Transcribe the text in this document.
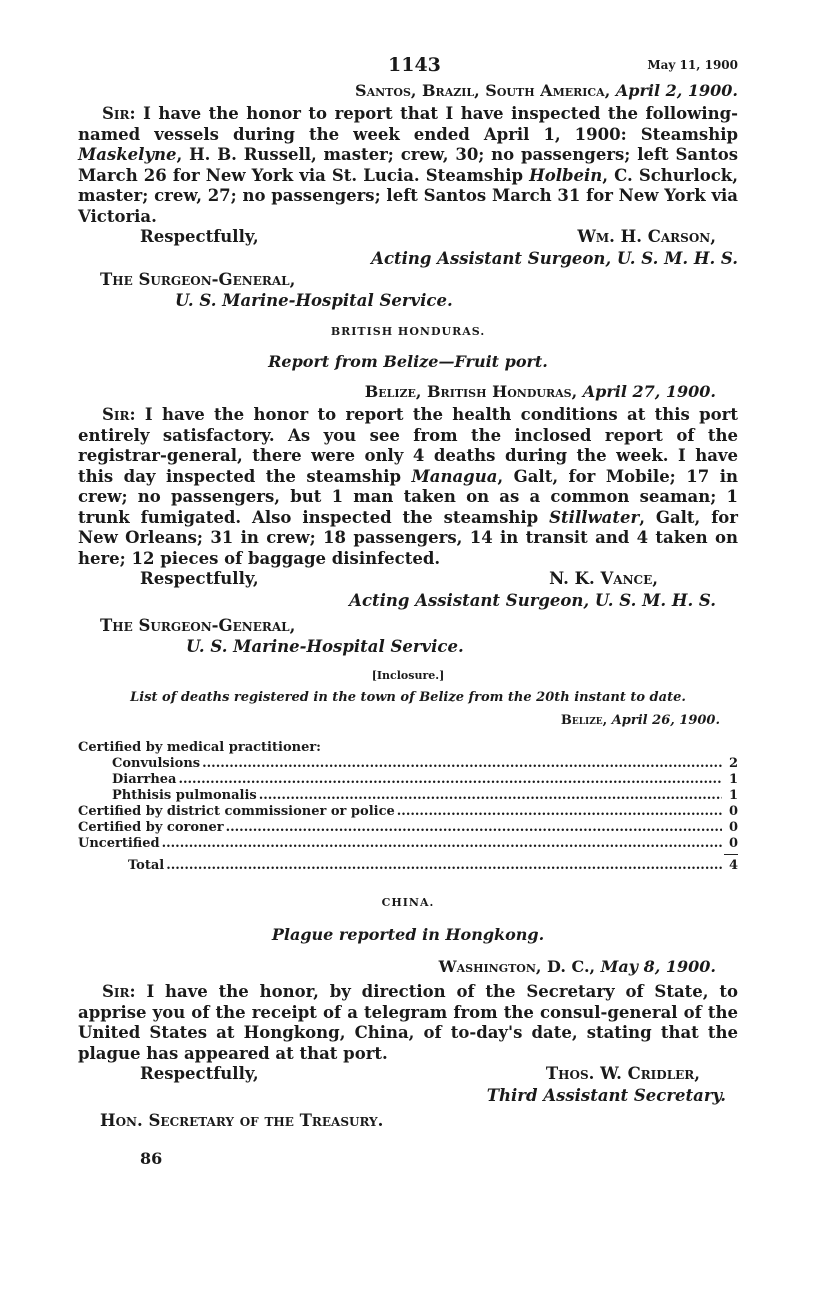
1143	May 11, 1900

Santos, Brazil, South America, April 2, 1900.

Sir: I have the honor to report that I have inspected the following-named vessels during the week ended April 1, 1900: Steamship Maskelyne, H. B. Russell, master; crew, 30; no passengers; left Santos March 26 for New York via St. Lucia. Steamship Holbein, C. Schurlock, master; crew, 27; no passengers; left Santos March 31 for New York via Victoria.

Respectfully,	Wm. H. Carson,

Acting Assistant Surgeon, U. S. M. H. S.

The Surgeon-General,

U. S. Marine-Hospital Service.

BRITISH HONDURAS.

Report from Belize—Fruit port.

Belize, British Honduras, April 27, 1900.

Sir: I have the honor to report the health conditions at this port entirely satisfactory. As you see from the inclosed report of the registrar-general, there were only 4 deaths during the week. I have this day inspected the steamship Managua, Galt, for Mobile; 17 in crew; no passengers, but 1 man taken on as a common seaman; 1 trunk fumigated. Also inspected the steamship Stillwater, Galt, for New Orleans; 31 in crew; 18 passengers, 14 in transit and 4 taken on here; 12 pieces of baggage disinfected.

Respectfully,	N. K. Vance,

Acting Assistant Surgeon, U. S. M. H. S.

The Surgeon-General,

U. S. Marine-Hospital Service.

[Inclosure.]

List of deaths registered in the town of Belize from the 20th instant to date.

Belize, April 26, 1900.

Certified by medical practitioner:
Convulsions .....	2
Diarrhea .....	1
Phthisis pulmonalis .....	1
Certified by district commissioner or police .....	0
Certified by coroner .....	0
Uncertified .....	0
Total .....	4

CHINA.

Plague reported in Hongkong.

Washington, D. C., May 8, 1900.

Sir: I have the honor, by direction of the Secretary of State, to apprise you of the receipt of a telegram from the consul-general of the United States at Hongkong, China, of to-day's date, stating that the plague has appeared at that port.

Respectfully,	Thos. W. Cridler,

Third Assistant Secretary.

Hon. Secretary of the Treasury.

86
